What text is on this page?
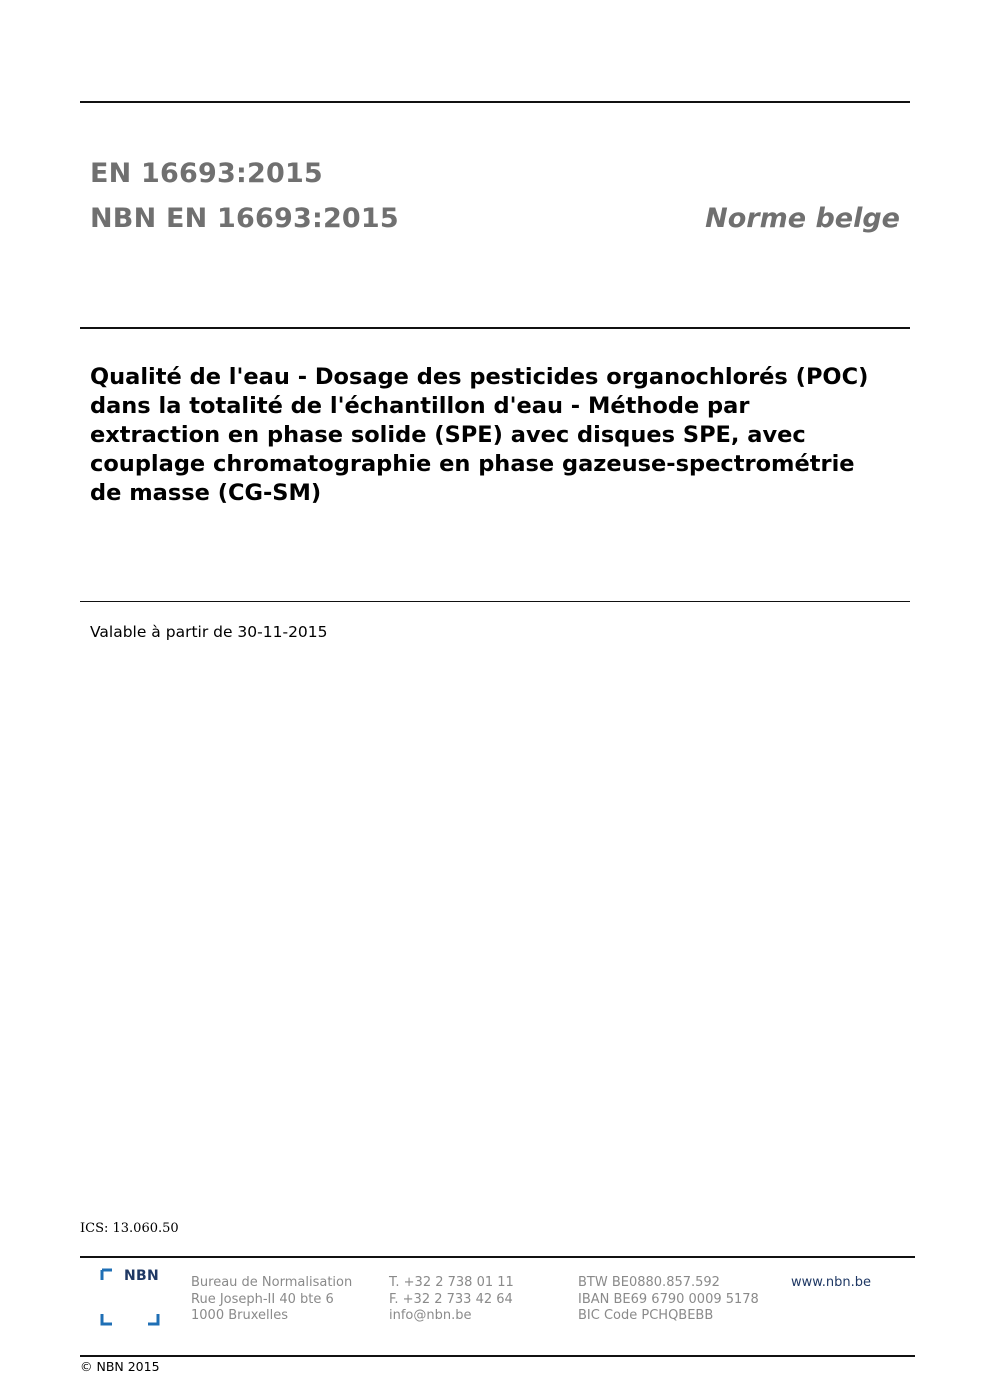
EN 16693:2015
NBN EN 16693:2015	Norme belge
Qualité de l'eau - Dosage des pesticides organochlorés (POC)
dans la totalité de l'échantillon d'eau - Méthode par
extraction en phase solide (SPE) avec disques SPE, avec
couplage chromatographie en phase gazeuse-spectrométrie
de masse (CG-SM)
Valable à partir de 30-11-2015
ICS: 13.060.50
NBN Bureau de Normalisation
Rue Joseph-II 40 bte 6
1000 Bruxelles
T. +32 2 738 01 11
F. +32 2 733 42 64
info@nbn.be
BTW BE0880.857.592
IBAN BE69 6790 0009 5178
BIC Code PCHQBEBB
www.nbn.be
© NBN 2015
